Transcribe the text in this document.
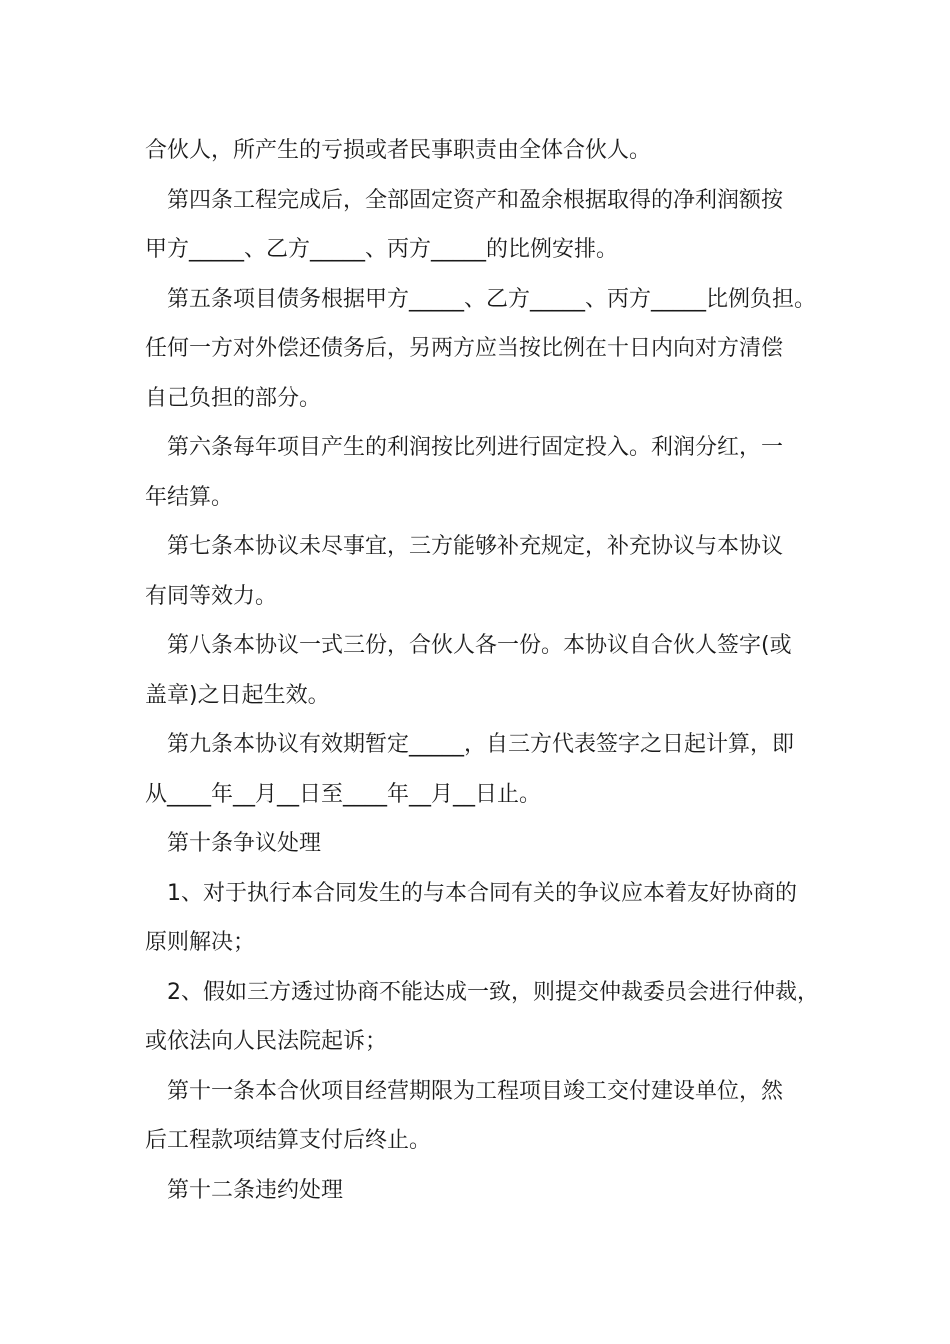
合伙人，所产生的亏损或者民事职责由全体合伙人。
第四条工程完成后，全部固定资产和盈余根据取得的净利润额按
甲方_____、乙方_____、丙方_____的比例安排。
第五条项目债务根据甲方_____、乙方_____、丙方_____比例负担。
任何一方对外偿还债务后，另两方应当按比例在十日内向对方清偿
自己负担的部分。
第六条每年项目产生的利润按比列进行固定投入。利润分红，一
年结算。
第七条本协议未尽事宜，三方能够补充规定，补充协议与本协议
有同等效力。
第八条本协议一式三份，合伙人各一份。本协议自合伙人签字(或
盖章)之日起生效。
第九条本协议有效期暂定_____，自三方代表签字之日起计算，即
从____年__月__日至____年__月__日止。
第十条争议处理
1、对于执行本合同发生的与本合同有关的争议应本着友好协商的
原则解决；
2、假如三方透过协商不能达成一致，则提交仲裁委员会进行仲裁，
或依法向人民法院起诉；
第十一条本合伙项目经营期限为工程项目竣工交付建设单位，然
后工程款项结算支付后终止。
第十二条违约处理
